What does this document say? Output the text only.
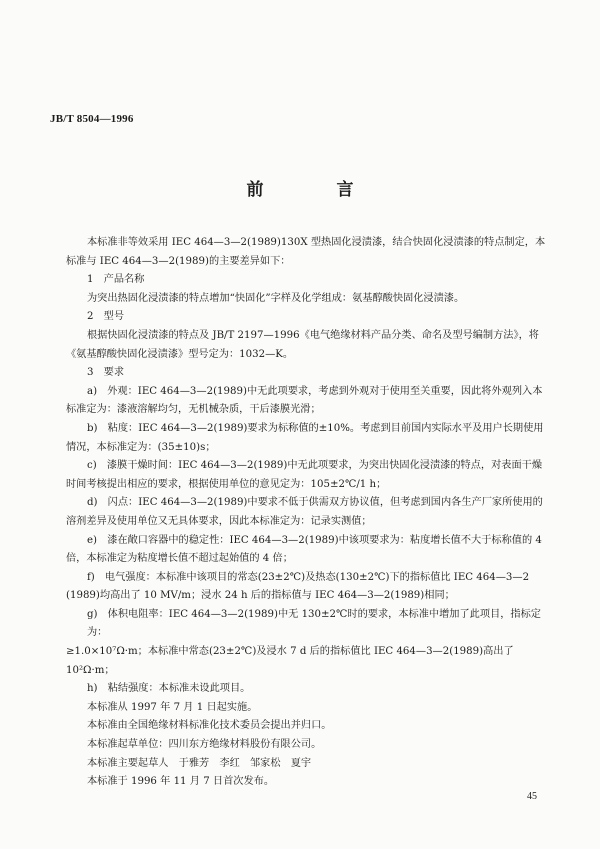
JB/T 8504—1996
前　言

本标准非等效采用 IEC 464—3—2(1989)130X 型热固化浸渍漆，结合快固化浸渍漆的特点制定，本

标准与 IEC 464—3—2(1989)的主要差异如下：

1　产品名称

为突出热固化浸渍漆的特点增加“快固化”字样及化学组成：氨基醇酸快固化浸渍漆。

2　型号

根据快固化浸渍漆的特点及 JB/T 2197—1996《电气绝缘材料产品分类、命名及型号编制方法》，将

《氨基醇酸快固化浸渍漆》型号定为：1032—K。

3　要求

a)　外观：IEC 464—3—2(1989)中无此项要求，考虑到外观对于使用至关重要，因此将外观列入本

标准定为：漆液溶解均匀，无机械杂质，干后漆膜光滑；

b)　粘度：IEC 464—3—2(1989)要求为标称值的±10%。考虑到目前国内实际水平及用户长期使用

情况，本标准定为：(35±10)s；

c)　漆膜干燥时间：IEC 464—3—2(1989)中无此项要求，为突出快固化浸渍漆的特点，对表面干燥

时间考核提出相应的要求，根据使用单位的意见定为：105±2℃/1 h；

d)　闪点：IEC 464—3—2(1989)中要求不低于供需双方协议值，但考虑到国内各生产厂家所使用的

溶剂差异及使用单位又无具体要求，因此本标准定为：记录实测值；

e)　漆在敞口容器中的稳定性：IEC 464—3—2(1989)中该项要求为：粘度增长值不大于标称值的 4

倍，本标准定为粘度增长值不超过起始值的 4 倍；

f)　电气强度：本标准中该项目的常态(23±2℃)及热态(130±2℃)下的指标值比 IEC 464—3—2

(1989)均高出了 10 MV/m；浸水 24 h 后的指标值与 IEC 464—3—2(1989)相同；

g)　体积电阻率：IEC 464—3—2(1989)中无 130±2℃时的要求，本标准中增加了此项目，指标定为：

≥1.0×10⁷Ω·m；本标准中常态(23±2℃)及浸水 7 d 后的指标值比 IEC 464—3—2(1989)高出了

10²Ω·m；

h)　粘结强度：本标准未设此项目。

本标准从 1997 年 7 月 1 日起实施。

本标准由全国绝缘材料标准化技术委员会提出并归口。

本标准起草单位：四川东方绝缘材料股份有限公司。

本标准主要起草人　于雅芳　李红　邹家松　夏宇

本标准于 1996 年 11 月 7 日首次发布。

45
